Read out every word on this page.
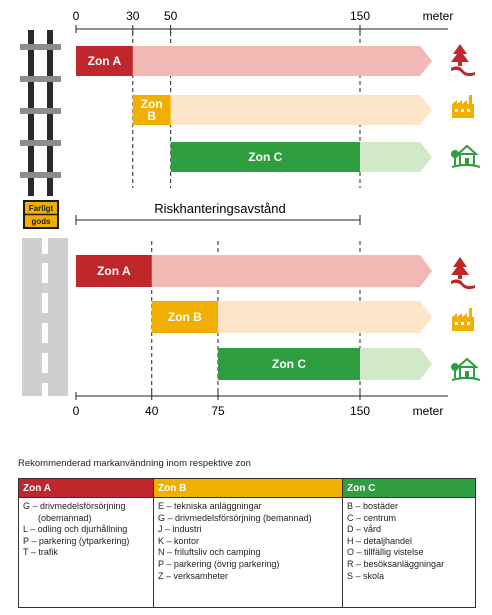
0	30 50	150	meter
Farligt
gods
Zon A
Zon B
Zon C
Zon A
Zon B
Zon C
Riskhanteringsavstånd
0	40	75	150	meter
Rekommenderad markanvändning inom respektive zon
Zon A
G – drivmedelsförsörjning
(obemannad)
L – odling och djurhållning
P – parkering (ytparkering)
T – trafik
Zon B
E – tekniska anläggningar
G – drivmedelsförsörjning (bemannad)
J – industri
K – kontor
N – friluftsliv och camping
P – parkering (övrig parkering)
Z – verksamheter
Zon C
B – bostäder
C – centrum
D – vård
H – detaljhandel
O – tillfällig vistelse
R – besöksanläggningar
S – skola
